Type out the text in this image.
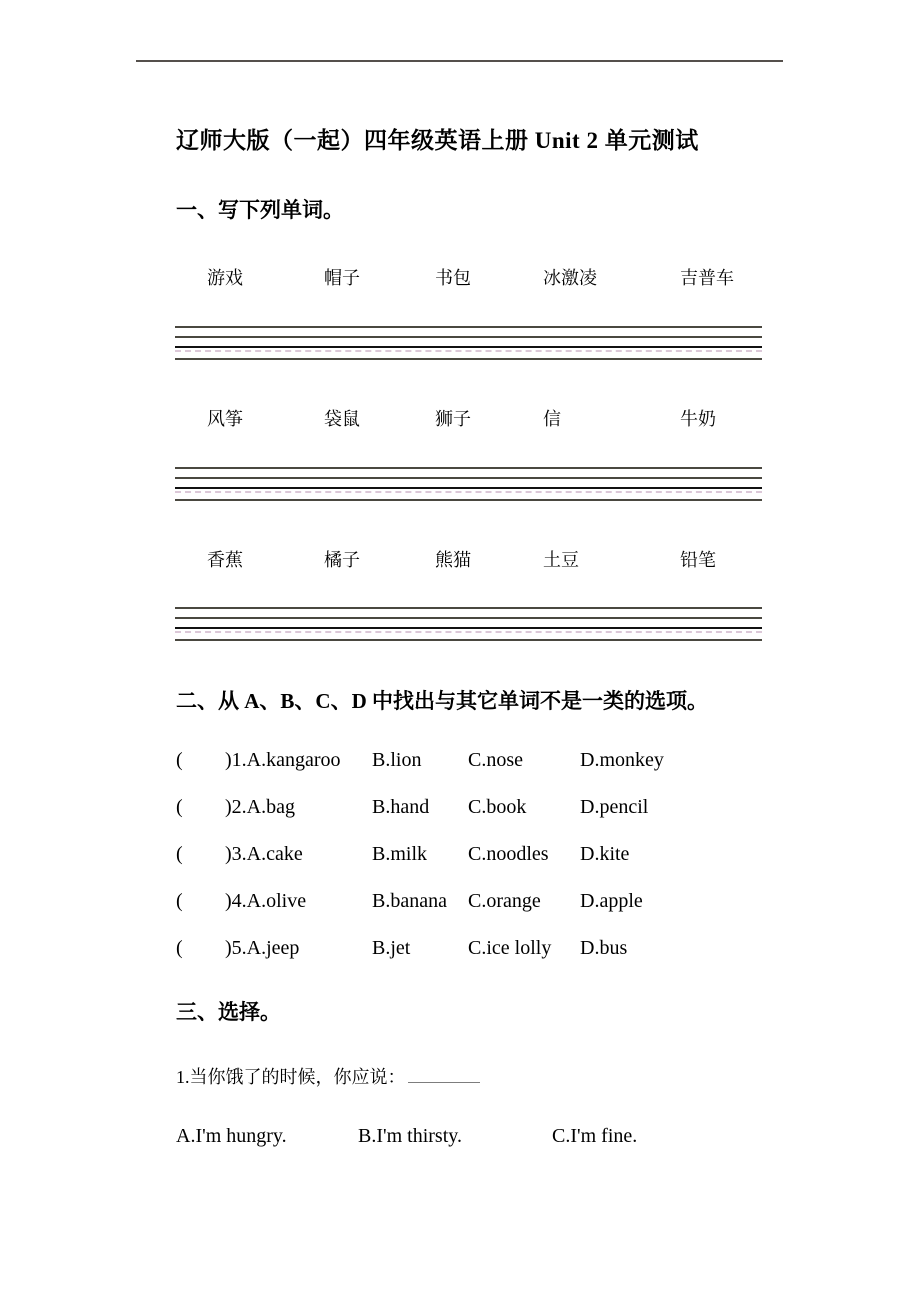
辽师大版（一起）四年级英语上册 Unit 2 单元测试
一、写下列单词。
游戏	帽子	书包	冰激凌	吉普车
风筝	袋鼠	狮子	信	牛奶
香蕉	橘子	熊猫	土豆	铅笔
二、从 A、B、C、D 中找出与其它单词不是一类的选项。
(	)1.A.kangaroo	B.lion	C.nose	D.monkey
(	)2.A.bag	B.hand	C.book	D.pencil
(	)3.A.cake	B.milk	C.noodles	D.kite
(	)4.A.olive	B.banana	C.orange	D.apple
(	)5.A.jeep	B.jet	C.ice lolly	D.bus
三、选择。
1.当你饿了的时候，你应说：
A.I'm hungry.	B.I'm thirsty.	C.I'm fine.
